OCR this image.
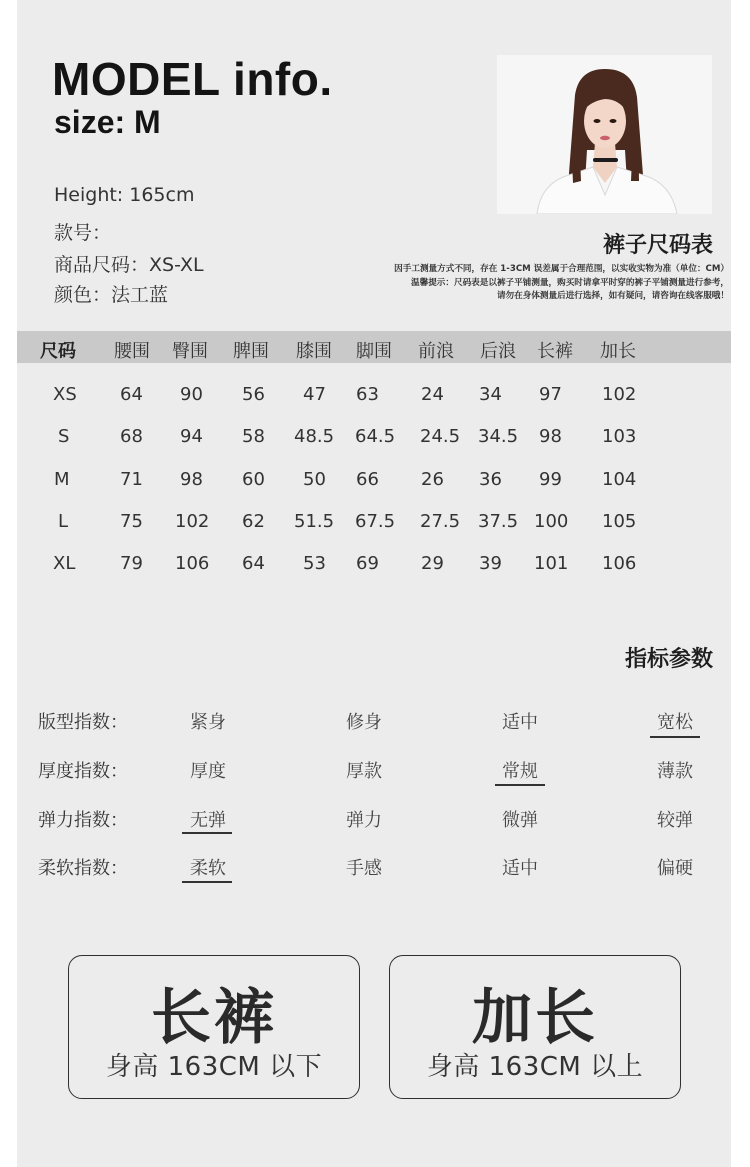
MODEL info.
size: M
Height: 165cm
款号：
商品尺码：XS-XL
颜色：法工蓝
裤子尺码表
因手工测量方式不同，存在 1-3CM 误差属于合理范围，以实收实物为准（单位：CM）
温馨提示：尺码表是以裤子平铺测量，购买时请拿平时穿的裤子平铺测量进行参考，
请勿在身体测量后进行选择，如有疑问，请咨询在线客服哦！
尺码 腰围 臀围 脾围 膝围 脚围 前浪 后浪 长裤 加长
XS 64 90 56 47 63 24 34 97 102
S	68 94 58 48.5 64.5 24.5 34.5 98 103
M	71 98 60 50 66 26 36 99 104
L	75 102 62 51.5 67.5 27.5 37.5 100 105
XL 79 106 64 53 69 29 39 101 106
指标参数
版型指数：	紧身	修身	适中	宽松
厚度指数：	厚度	厚款	常规	薄款
弹力指数：	无弹	弹力	微弹	较弹
柔软指数：	柔软	手感	适中	偏硬
长裤
身高 163CM 以下
加长
身高 163CM 以上
